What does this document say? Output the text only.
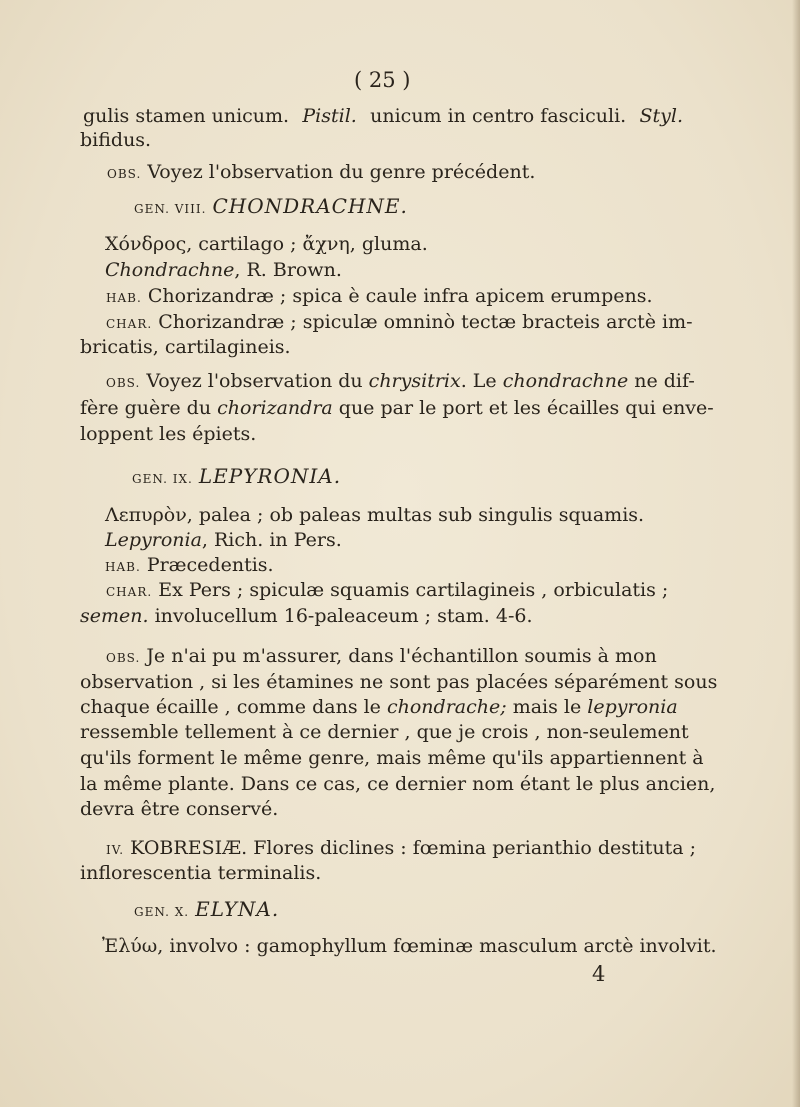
( 25 )
gulis stamen unicum. Pistil. unicum in centro fasciculi. Styl.
bifidus.
OBS. Voyez l'observation du genre précédent.
GEN. VIII. CHONDRACHNE.
Χόνδρος, cartilago ; ἄχνη, gluma.
Chondrachne, R. Brown.
HAB. Chorizandræ ; spica è caule infra apicem erumpens.
CHAR. Chorizandræ ; spiculæ omninò tectæ bracteis arctè im-
bricatis, cartilagineis.
OBS. Voyez l'observation du chrysitrix. Le chondrachne ne dif-
fère guère du chorizandra que par le port et les écailles qui enve-
loppent les épiets.
GEN. IX. LEPYRONIA.
Λεπυρὸν, palea ; ob paleas multas sub singulis squamis.
Lepyronia, Rich. in Pers.
HAB. Præcedentis.
CHAR. Ex Pers ; spiculæ squamis cartilagineis , orbiculatis ;
semen. involucellum 16-paleaceum ; stam. 4-6.
OBS. Je n'ai pu m'assurer, dans l'échantillon soumis à mon
observation , si les étamines ne sont pas placées séparément sous
chaque écaille , comme dans le chondrache; mais le lepyronia
ressemble tellement à ce dernier , que je crois , non-seulement
qu'ils forment le même genre, mais même qu'ils appartiennent à
la même plante. Dans ce cas, ce dernier nom étant le plus ancien,
devra être conservé.
IV. KOBRESIÆ. Flores diclines : fœmina perianthio destituta ;
inflorescentia terminalis.
GEN. X. ELYNA.
Ἐλύω, involvo : gamophyllum fœminæ masculum arctè involvit.
4
